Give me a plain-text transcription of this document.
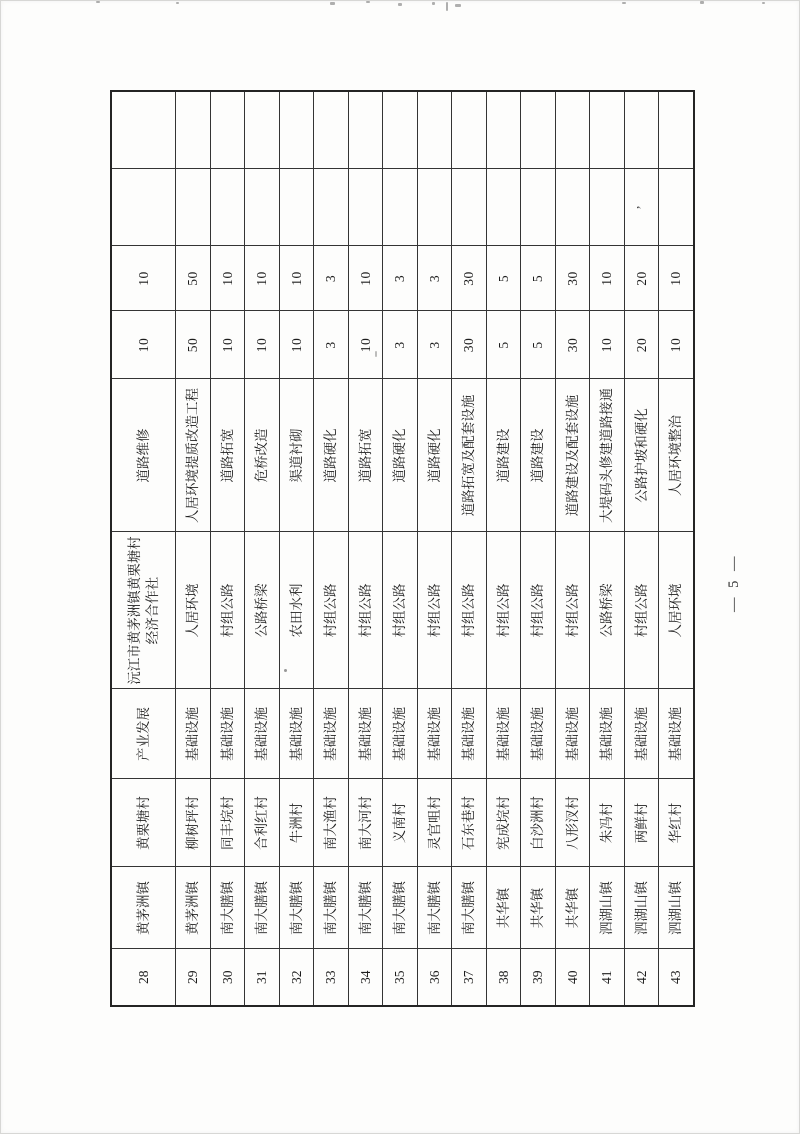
28	黄茅洲镇	黄栗塘村	产业发展	沅江市黄茅洲镇黄栗塘村经济合作社	道路维修	10	10		
29	黄茅洲镇	柳树坪村	基础设施	人居环境	人居环境提质改造工程	50	50		
30	南大膳镇	同丰垸村	基础设施	村组公路	道路拓宽	10	10		
31	南大膳镇	合利红村	基础设施	公路桥梁	危桥改造	10	10		
32	南大膳镇	牛洲村	基础设施	农田水利	渠道衬砌	10	10		
33	南大膳镇	南大渔村	基础设施	村组公路	道路硬化	3	3		
34	南大膳镇	南大河村	基础设施	村组公路	道路拓宽	10	10		
35	南大膳镇	义南村	基础设施	村组公路	道路硬化	3	3		
36	南大膳镇	灵官咀村	基础设施	村组公路	道路硬化	3	3		
37	南大膳镇	石东巷村	基础设施	村组公路	道路拓宽及配套设施	30	30		
38	共华镇	宪成垸村	基础设施	村组公路	道路建设	5	5		
39	共华镇	白沙洲村	基础设施	村组公路	道路建设	5	5		
40	共华镇	八形汊村	基础设施	村组公路	道路建设及配套设施	30	30		
41	泗湖山镇	朱冯村	基础设施	公路桥梁	大堤码头修建道路接通	10	10		
42	泗湖山镇	两鲜村	基础设施	村组公路	公路护坡和硬化	20	20	’	
43	泗湖山镇	华红村	基础设施	人居环境	人居环境整治	10	10		
— 5 —
